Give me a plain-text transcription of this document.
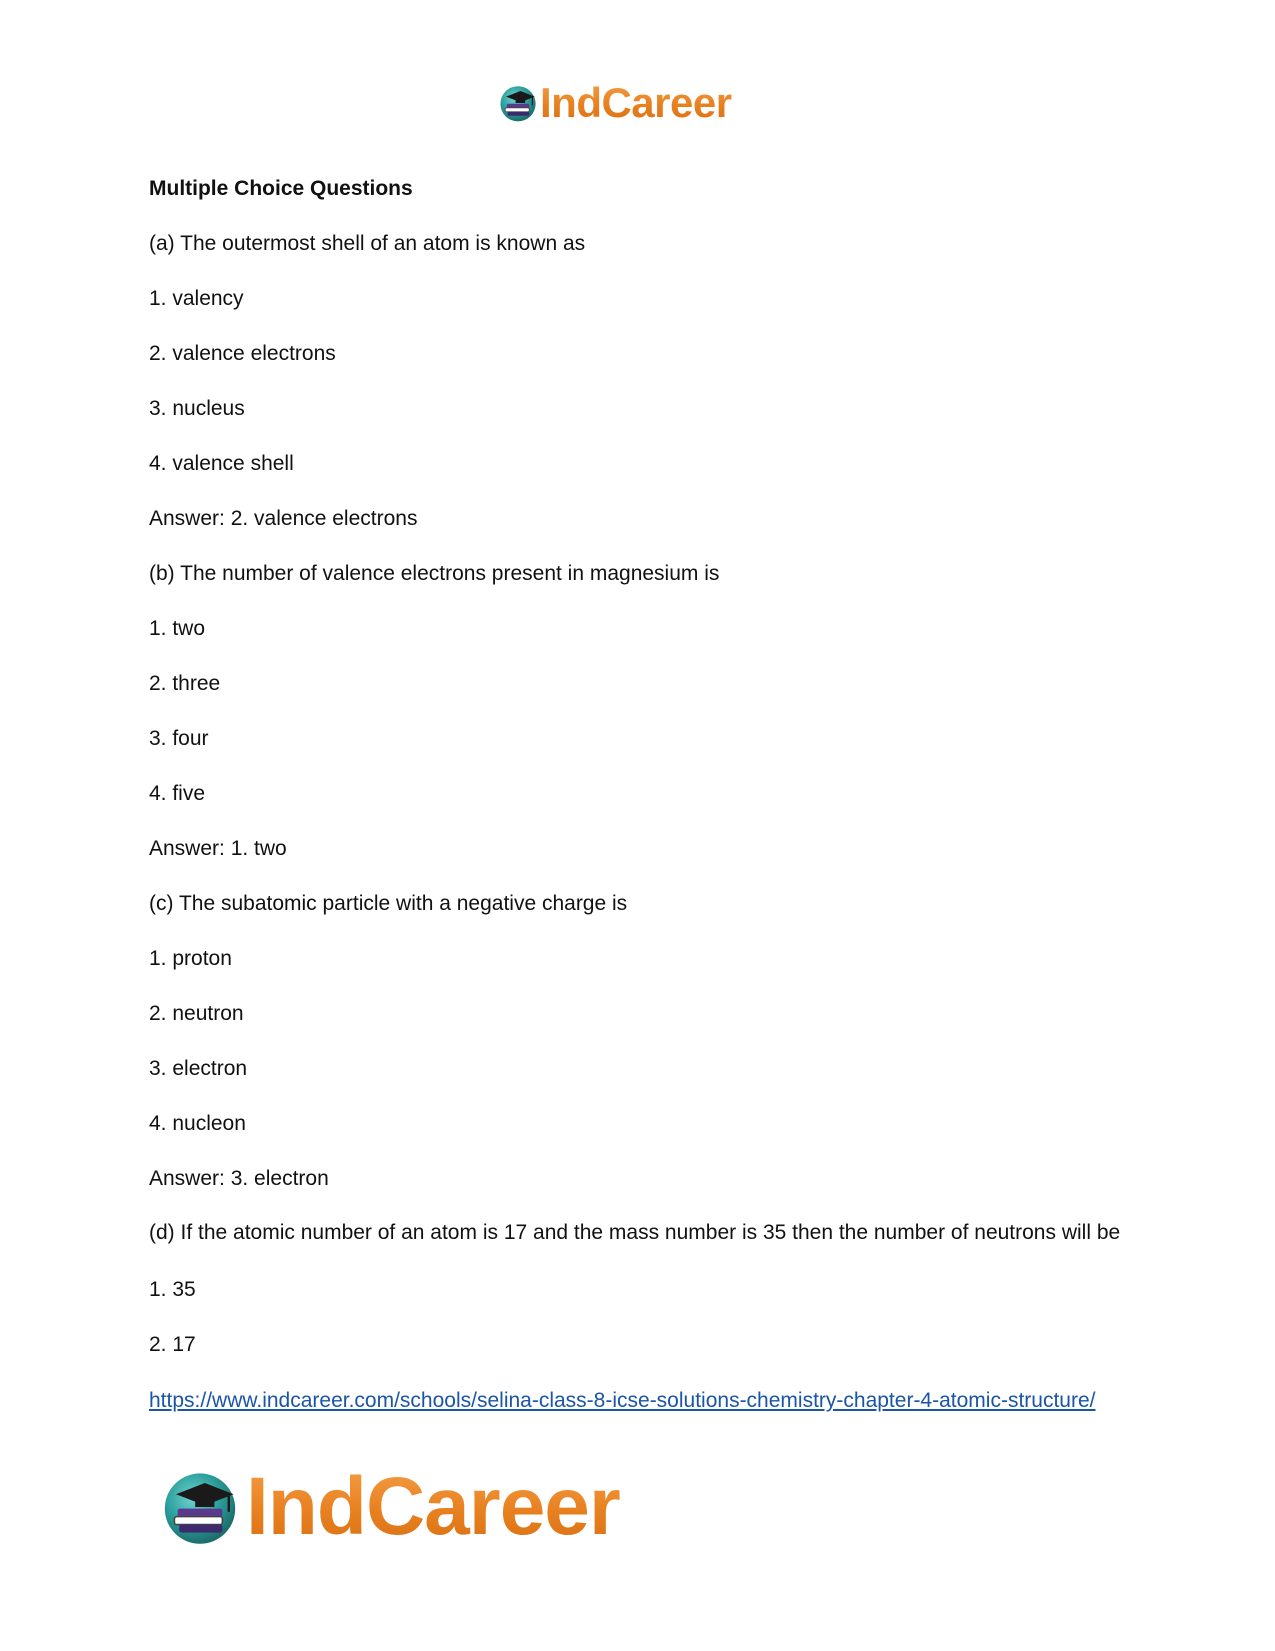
IndCareer
Multiple Choice Questions
(a) The outermost shell of an atom is known as
1. valency
2. valence electrons
3. nucleus
4. valence shell
Answer: 2. valence electrons
(b) The number of valence electrons present in magnesium is
1. two
2. three
3. four
4. five
Answer: 1. two
(c) The subatomic particle with a negative charge is
1. proton
2. neutron
3. electron
4. nucleon
Answer: 3. electron
(d) If the atomic number of an atom is 17 and the mass number is 35 then the number of neutrons will be
1. 35
2. 17
https://www.indcareer.com/schools/selina-class-8-icse-solutions-chemistry-chapter-4-atomic-structure/
IndCareer
